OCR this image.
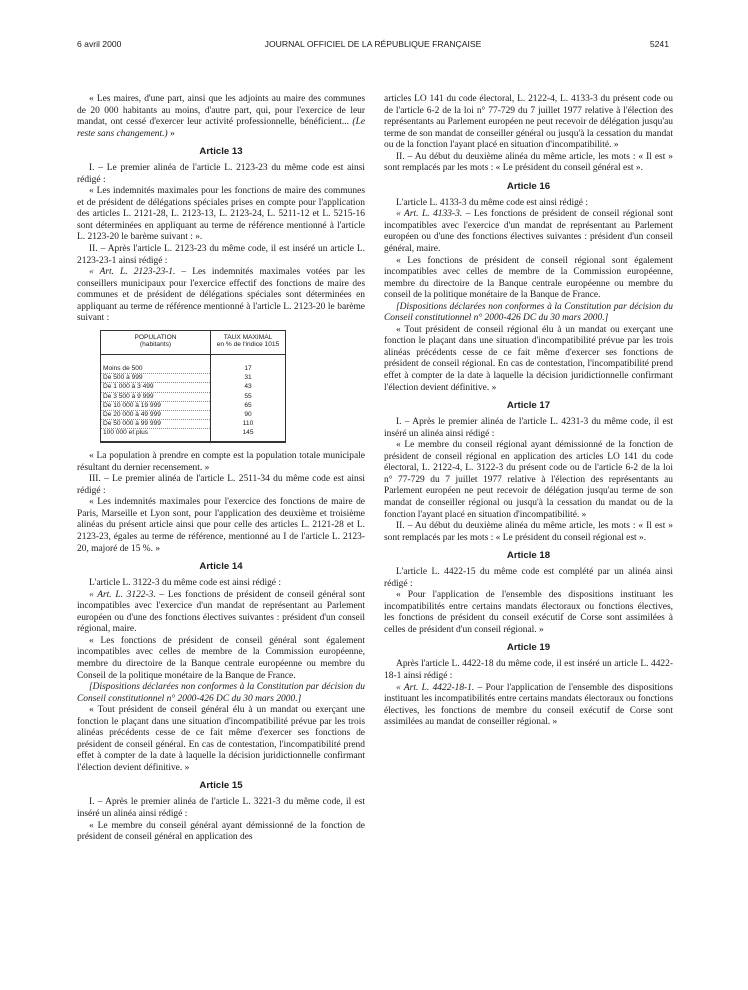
6 avril 2000	JOURNAL OFFICIEL DE LA RÉPUBLIQUE FRANÇAISE	5241

« Les maires, d'une part, ainsi que les adjoints au maire des communes de 20 000 habitants au moins, d'autre part, qui, pour l'exercice de leur mandat, ont cessé d'exercer leur activité professionnelle, bénéficient... (Le reste sans changement.) »

Article 13

I. – Le premier alinéa de l'article L. 2123-23 du même code est ainsi rédigé :

« Les indemnités maximales pour les fonctions de maire des communes et de président de délégations spéciales prises en compte pour l'application des articles L. 2121-28, L. 2123-13, L. 2123-24, L. 5211-12 et L. 5215-16 sont déterminées en appliquant au terme de référence mentionné à l'article L. 2123-20 le barème suivant : ».

II. – Après l'article L. 2123-23 du même code, il est inséré un article L. 2123-23-1 ainsi rédigé :

« Art. L. 2123-23-1. – Les indemnités maximales votées par les conseillers municipaux pour l'exercice effectif des fonctions de maire des communes et de président de délégations spéciales sont déterminées en appliquant au terme de référence mentionné à l'article L. 2123-20 le barème suivant :

POPULATION
(habitants)	TAUX MAXIMAL
en % de l'indice 1015

Moins de 500	17
De 500 à 999	31
De 1 000 à 3 499	43
De 3 500 à 9 999	55
De 10 000 à 19 999	65
De 20 000 à 49 999	90
De 50 000 à 99 999	110
100 000 et plus	145

« La population à prendre en compte est la population totale municipale résultant du dernier recensement. »

III. – Le premier alinéa de l'article L. 2511-34 du même code est ainsi rédigé :

« Les indemnités maximales pour l'exercice des fonctions de maire de Paris, Marseille et Lyon sont, pour l'application des deuxième et troisième alinéas du présent article ainsi que pour celle des articles L. 2121-28 et L. 2123-23, égales au terme de référence, mentionné au I de l'article L. 2123-20, majoré de 15 %. »

Article 14

L'article L. 3122-3 du même code est ainsi rédigé :

« Art. L. 3122-3. – Les fonctions de président de conseil général sont incompatibles avec l'exercice d'un mandat de représentant au Parlement européen ou d'une des fonctions électives suivantes : président d'un conseil régional, maire.

« Les fonctions de président de conseil général sont également incompatibles avec celles de membre de la Commission européenne, membre du directoire de la Banque centrale européenne ou membre du Conseil de la politique monétaire de la Banque de France.

[Dispositions déclarées non conformes à la Constitution par décision du Conseil constitutionnel n° 2000-426 DC du 30 mars 2000.]

« Tout président de conseil général élu à un mandat ou exerçant une fonction le plaçant dans une situation d'incompatibilité prévue par les trois alinéas précédents cesse de ce fait même d'exercer ses fonctions de président de conseil général. En cas de contestation, l'incompatibilité prend effet à compter de la date à laquelle la décision juridictionnelle confirmant l'élection devient définitive. »

Article 15

I. – Après le premier alinéa de l'article L. 3221-3 du même code, il est inséré un alinéa ainsi rédigé :

« Le membre du conseil général ayant démissionné de la fonction de président de conseil général en application des

articles LO 141 du code électoral, L. 2122-4, L. 4133-3 du présent code ou de l'article 6-2 de la loi n° 77-729 du 7 juillet 1977 relative à l'élection des représentants au Parlement européen ne peut recevoir de délégation jusqu'au terme de son mandat de conseiller général ou jusqu'à la cessation du mandat ou de la fonction l'ayant placé en situation d'incompatibilité. »

II. – Au début du deuxième alinéa du même article, les mots : « Il est » sont remplacés par les mots : « Le président du conseil général est ».

Article 16

L'article L. 4133-3 du même code est ainsi rédigé :

« Art. L. 4133-3. – Les fonctions de président de conseil régional sont incompatibles avec l'exercice d'un mandat de représentant au Parlement européen ou d'une des fonctions électives suivantes : président d'un conseil général, maire.

« Les fonctions de président de conseil régional sont également incompatibles avec celles de membre de la Commission européenne, membre du directoire de la Banque centrale européenne ou membre du conseil de la politique monétaire de la Banque de France.

[Dispositions déclarées non conformes à la Constitution par décision du Conseil constitutionnel n° 2000-426 DC du 30 mars 2000.]

« Tout président de conseil régional élu à un mandat ou exerçant une fonction le plaçant dans une situation d'incompatibilité prévue par les trois alinéas précédents cesse de ce fait même d'exercer ses fonctions de président de conseil régional. En cas de contestation, l'incompatibilité prend effet à compter de la date à laquelle la décision juridictionnelle confirmant l'élection devient définitive. »

Article 17

I. – Après le premier alinéa de l'article L. 4231-3 du même code, il est inséré un alinéa ainsi rédigé :

« Le membre du conseil régional ayant démissionné de la fonction de président de conseil régional en application des articles LO 141 du code électoral, L. 2122-4, L. 3122-3 du présent code ou de l'article 6-2 de la loi n° 77-729 du 7 juillet 1977 relative à l'élection des représentants au Parlement européen ne peut recevoir de délégation jusqu'au terme de son mandat de conseiller régional ou jusqu'à la cessation du mandat ou de la fonction l'ayant placé en situation d'incompatibilité. »

II. – Au début du deuxième alinéa du même article, les mots : « Il est » sont remplacés par les mots : « Le président du conseil régional est ».

Article 18

L'article L. 4422-15 du même code est complété par un alinéa ainsi rédigé :

« Pour l'application de l'ensemble des dispositions instituant les incompatibilités entre certains mandats électoraux ou fonctions électives, les fonctions de président du conseil exécutif de Corse sont assimilées à celles de président d'un conseil régional. »

Article 19

Après l'article L. 4422-18 du même code, il est inséré un article L. 4422-18-1 ainsi rédigé :

« Art. L. 4422-18-1. – Pour l'application de l'ensemble des dispositions instituant les incompatibilités entre certains mandats électoraux ou fonctions électives, les fonctions de membre du conseil exécutif de Corse sont assimilées au mandat de conseiller régional. »
